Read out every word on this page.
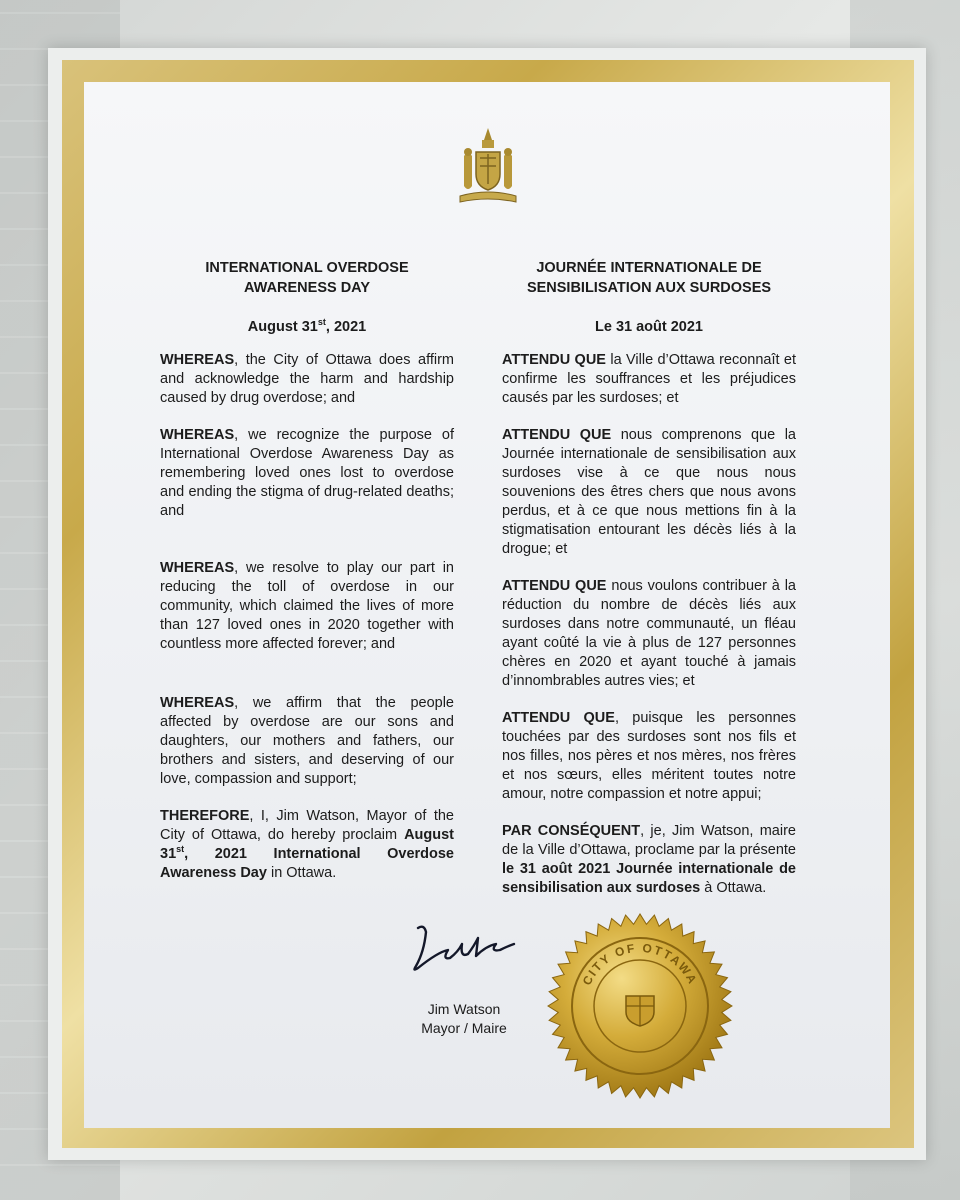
INTERNATIONAL OVERDOSE AWARENESS DAY
August 31st, 2021

WHEREAS, the City of Ottawa does affirm and acknowledge the harm and hardship caused by drug overdose; and

WHEREAS, we recognize the purpose of International Overdose Awareness Day as remembering loved ones lost to overdose and ending the stigma of drug-related deaths; and

WHEREAS, we resolve to play our part in reducing the toll of overdose in our community, which claimed the lives of more than 127 loved ones in 2020 together with countless more affected forever; and

WHEREAS, we affirm that the people affected by overdose are our sons and daughters, our mothers and fathers, our brothers and sisters, and deserving of our love, compassion and support;

THEREFORE, I, Jim Watson, Mayor of the City of Ottawa, do hereby proclaim August 31st, 2021 International Overdose Awareness Day in Ottawa.

JOURNÉE INTERNATIONALE DE SENSIBILISATION AUX SURDOSES
Le 31 août 2021

ATTENDU QUE la Ville d’Ottawa reconnaît et confirme les souffrances et les préjudices causés par les surdoses; et

ATTENDU QUE nous comprenons que la Journée internationale de sensibilisation aux surdoses vise à ce que nous nous souvenions des êtres chers que nous avons perdus, et à ce que nous mettions fin à la stigmatisation entourant les décès liés à la drogue; et

ATTENDU QUE nous voulons contribuer à la réduction du nombre de décès liés aux surdoses dans notre communauté, un fléau ayant coûté la vie à plus de 127 personnes chères en 2020 et ayant touché à jamais d’innombrables autres vies; et

ATTENDU QUE, puisque les personnes touchées par des surdoses sont nos fils et nos filles, nos pères et nos mères, nos frères et nos sœurs, elles méritent toutes notre amour, notre compassion et notre appui;

PAR CONSÉQUENT, je, Jim Watson, maire de la Ville d’Ottawa, proclame par la présente le 31 août 2021 Journée internationale de sensibilisation aux surdoses à Ottawa.

Jim Watson
Mayor / Maire
CITY OF OTTAWA
